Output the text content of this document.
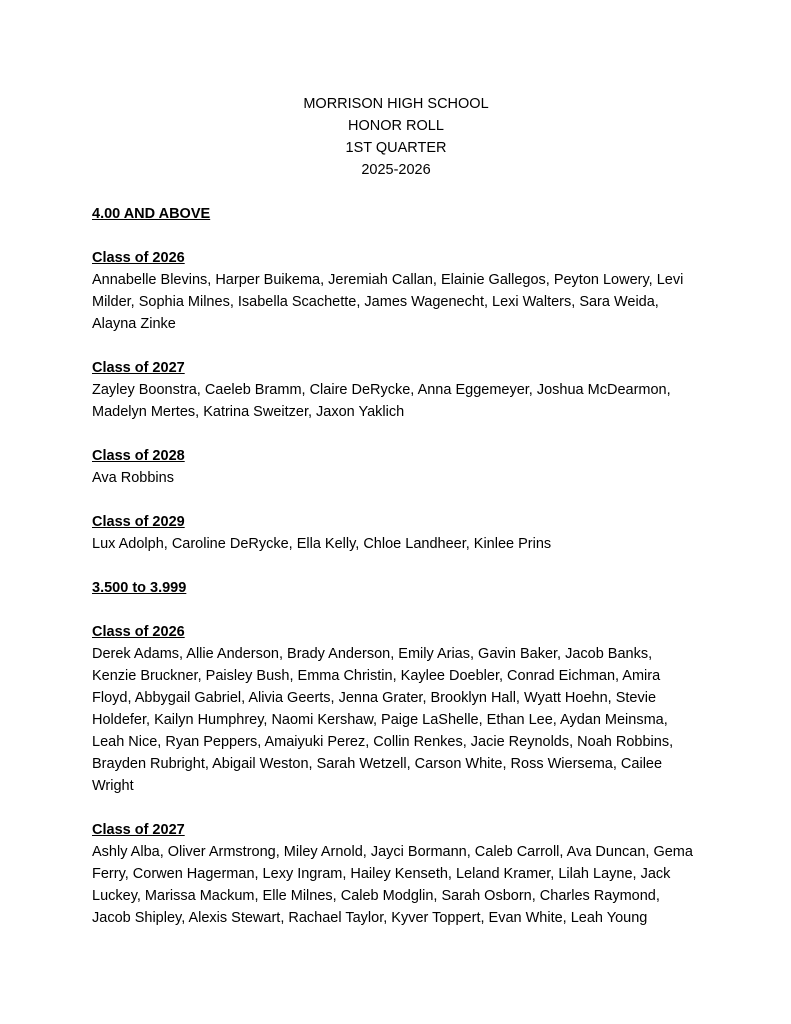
MORRISON HIGH SCHOOL
HONOR ROLL
1ST QUARTER
2025-2026
4.00 AND ABOVE
Class of 2026

Annabelle Blevins, Harper Buikema, Jeremiah Callan, Elainie Gallegos, Peyton Lowery, Levi Milder, Sophia Milnes, Isabella Scachette, James Wagenecht, Lexi Walters, Sara Weida, Alayna Zinke

Class of 2027

Zayley Boonstra, Caeleb Bramm, Claire DeRycke, Anna Eggemeyer, Joshua McDearmon, Madelyn Mertes, Katrina Sweitzer, Jaxon Yaklich

Class of 2028

Ava Robbins

Class of 2029

Lux Adolph, Caroline DeRycke, Ella Kelly, Chloe Landheer, Kinlee Prins

3.500 to 3.999
Class of 2026

Derek Adams, Allie Anderson, Brady Anderson, Emily Arias, Gavin Baker, Jacob Banks, Kenzie Bruckner, Paisley Bush, Emma Christin, Kaylee Doebler, Conrad Eichman, Amira Floyd, Abbygail Gabriel, Alivia Geerts, Jenna Grater, Brooklyn Hall, Wyatt Hoehn, Stevie Holdefer, Kailyn Humphrey, Naomi Kershaw, Paige LaShelle, Ethan Lee, Aydan Meinsma, Leah Nice, Ryan Peppers, Amaiyuki Perez, Collin Renkes, Jacie Reynolds, Noah Robbins, Brayden Rubright, Abigail Weston, Sarah Wetzell, Carson White, Ross Wiersema, Cailee Wright

Class of 2027

Ashly Alba, Oliver Armstrong, Miley Arnold, Jayci Bormann, Caleb Carroll, Ava Duncan, Gema Ferry, Corwen Hagerman, Lexy Ingram, Hailey Kenseth, Leland Kramer, Lilah Layne, Jack Luckey, Marissa Mackum, Elle Milnes, Caleb Modglin, Sarah Osborn, Charles Raymond, Jacob Shipley, Alexis Stewart, Rachael Taylor, Kyver Toppert, Evan White, Leah Young
